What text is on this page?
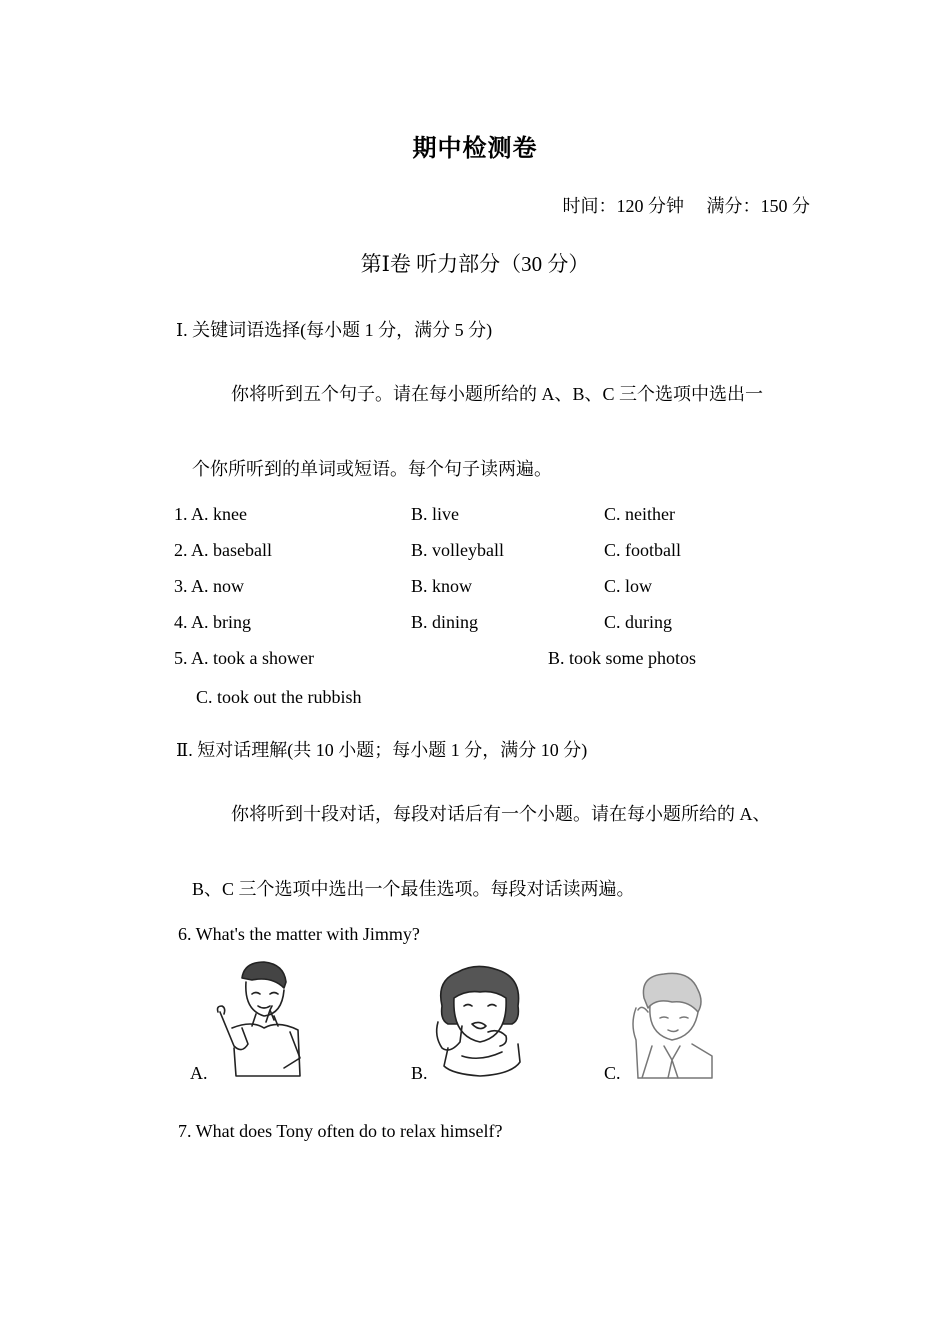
期中检测卷
时间：120 分钟　 满分：150 分
第Ⅰ卷 听力部分（30 分）
Ⅰ. 关键词语选择(每小题 1 分，满分 5 分)
你将听到五个句子。请在每小题所给的 A、B、C 三个选项中选出一
个你所听到的单词或短语。每个句子读两遍。
1. A. knee	B. live	C. neither
2. A. baseball	B. volleyball	C. football
3. A. now	B. know	C. low
4. A. bring	B. dining	C. during
5. A. took a shower	B. took some photos
C. took out the rubbish
Ⅱ. 短对话理解(共 10 小题；每小题 1 分，满分 10 分)
你将听到十段对话，每段对话后有一个小题。请在每小题所给的 A、
B、C 三个选项中选出一个最佳选项。每段对话读两遍。
6. What's the matter with Jimmy?
A.	B.	C.
7. What does Tony often do to relax himself?
